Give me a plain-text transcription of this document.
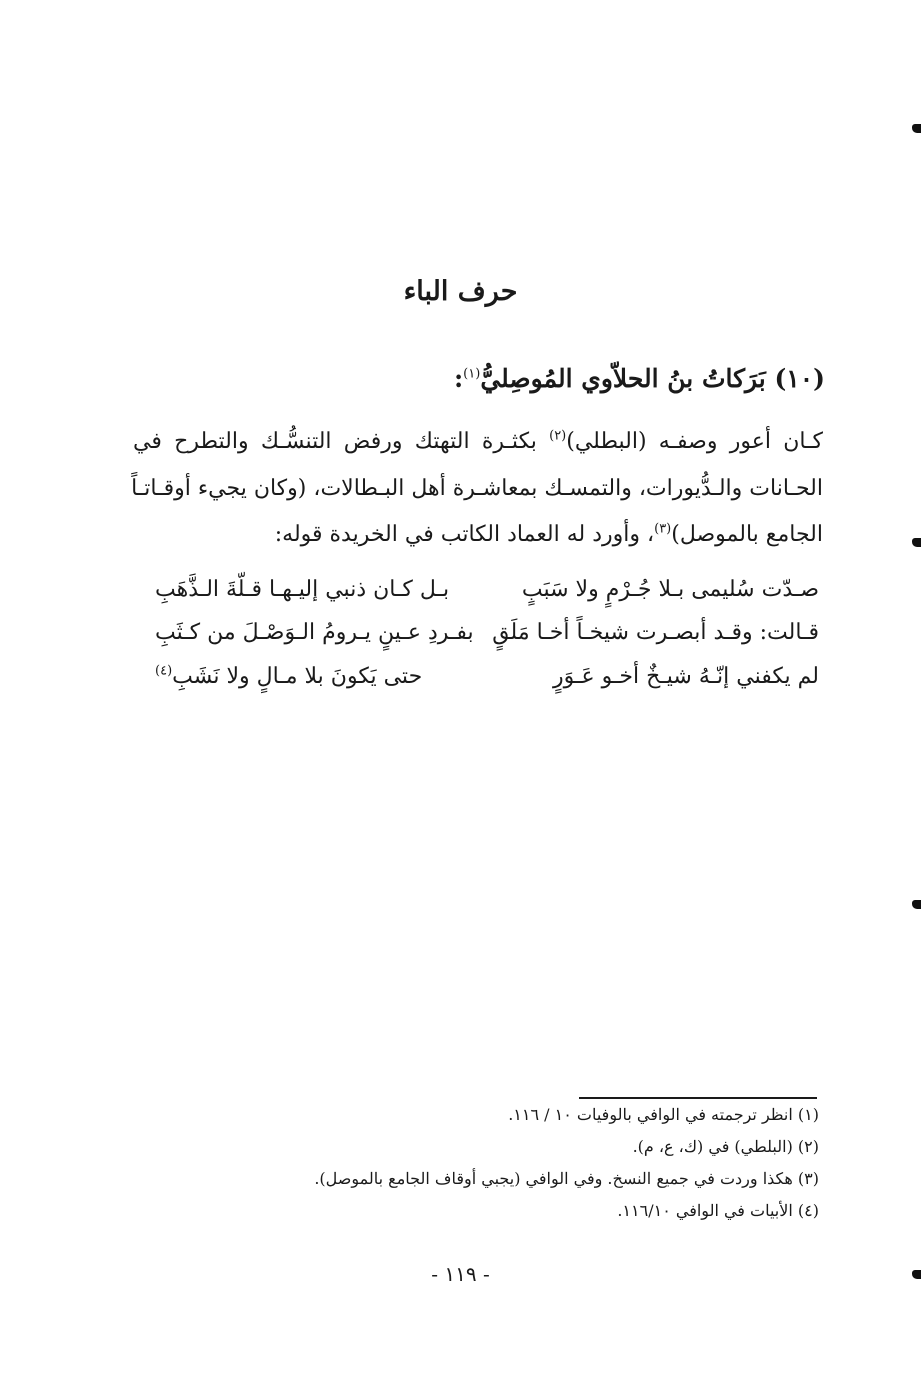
حرف الباء
(١٠) بَرَكاتُ بنُ الحلاّوي المُوصِليُّ$^{(١)}$:
كـان أعور وصفـه (البطلي)$^{(٢)}$ بكثـرة التهتك ورفض التنسُّـك والتطرح في
الحـانات والـدُّيورات، والتمسـك بمعاشـرة أهل البـطالات، (وكان يجيء أوقـاتـاً
الجامع بالموصل)$^{(٣)}$، وأورد له العماد الكاتب في الخريدة قوله:
صـدّت سُليمى بـلا جُـرْمٍ ولا سَبَبٍ
بـل كـان ذنبي إليـهـا قـلّةَ الـذَّهَبِ
قـالت: وقـد أبصـرت شيخـاً أخـا مَلَقٍ
بفـردِ عـينٍ يـرومُ الـوَصْـلَ من كـثَبِ
لم يكفني إنّـهُ شيـخٌ أخـو عَـوَرٍ
حتى يَكونَ بلا مـالٍ ولا نَشَبِ$^{(٤)}$
(١) انظر ترجمته في الوافي بالوفيات ١٠ / ١١٦.
(٢) (البلطي) في (ك، ع، م).
(٣) هكذا وردت في جميع النسخ. وفي الوافي (يجبي أوقاف الجامع بالموصل).
(٤) الأبيات في الوافي ١١٦/١٠.
- ١١٩ -
